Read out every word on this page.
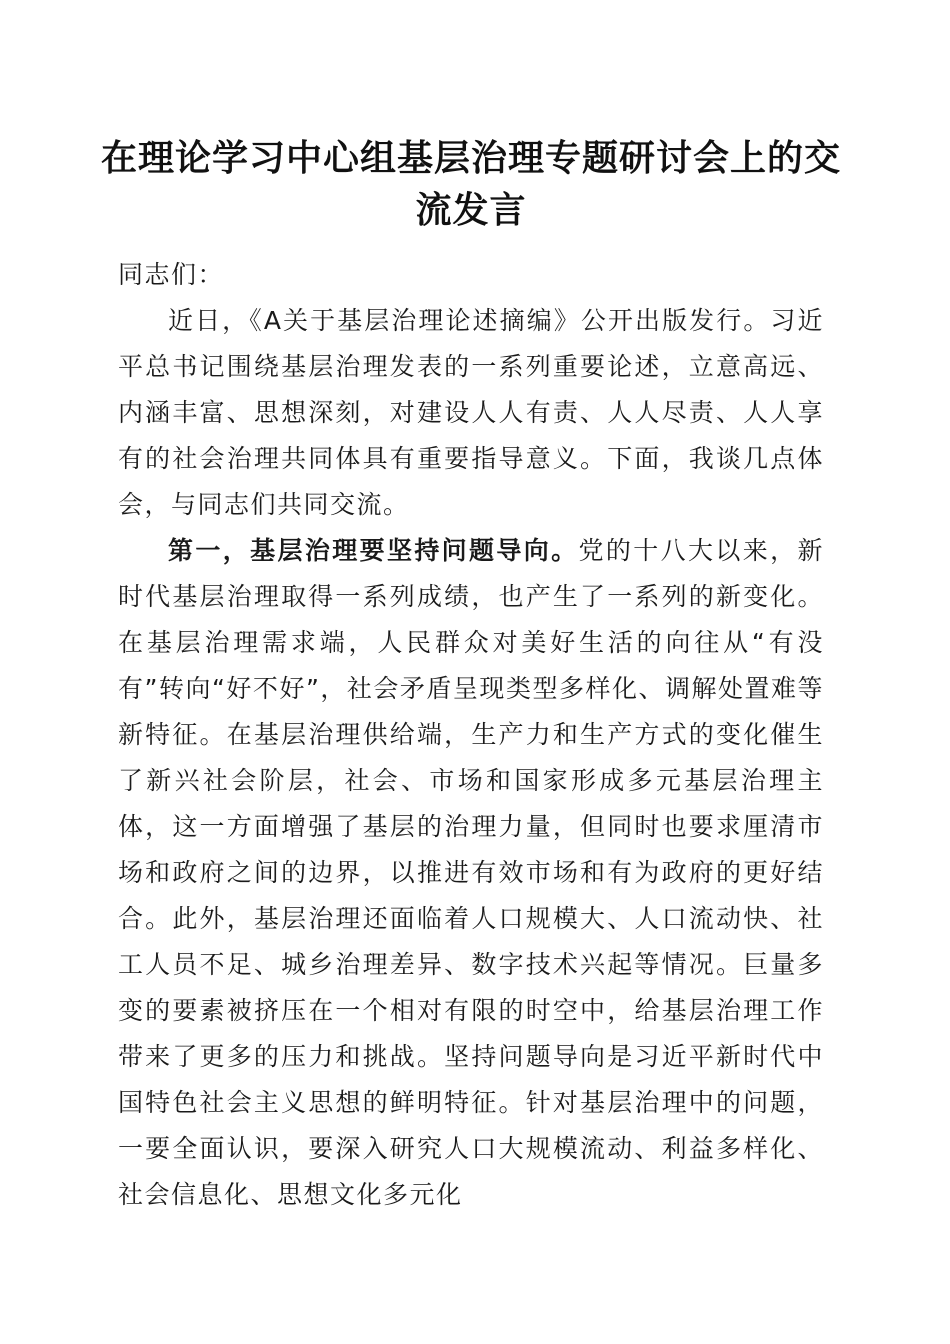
在理论学习中心组基层治理专题研讨会上的交流发言

同志们：

近日，《A关于基层治理论述摘编》公开出版发行。习近平总书记围绕基层治理发表的一系列重要论述，立意高远、内涵丰富、思想深刻，对建设人人有责、人人尽责、人人享有的社会治理共同体具有重要指导意义。下面，我谈几点体会，与同志们共同交流。

第一，基层治理要坚持问题导向。党的十八大以来，新时代基层治理取得一系列成绩，也产生了一系列的新变化。在基层治理需求端，人民群众对美好生活的向往从“有没有”转向“好不好”，社会矛盾呈现类型多样化、调解处置难等新特征。在基层治理供给端，生产力和生产方式的变化催生了新兴社会阶层，社会、市场和国家形成多元基层治理主体，这一方面增强了基层的治理力量，但同时也要求厘清市场和政府之间的边界，以推进有效市场和有为政府的更好结合。此外，基层治理还面临着人口规模大、人口流动快、社工人员不足、城乡治理差异、数字技术兴起等情况。巨量多变的要素被挤压在一个相对有限的时空中，给基层治理工作带来了更多的压力和挑战。坚持问题导向是习近平新时代中国特色社会主义思想的鲜明特征。针对基层治理中的问题，一要全面认识，要深入研究人口大规模流动、利益多样化、社会信息化、思想文化多元化
